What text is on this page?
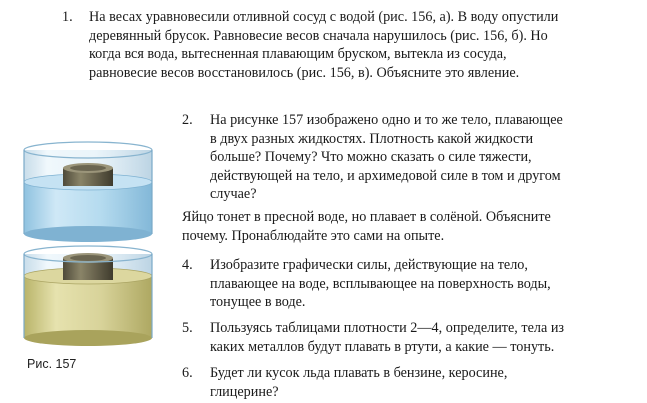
1.	На весах уравновесили отливной сосуд с водой (рис. 156, а). В воду опустили
деревянный брусок. Равновесие весов сначала нарушилось (рис. 156, б). Но
когда вся вода, вытесненная плавающим бруском, вытекла из сосуда,
равновесие весов восстановилось (рис. 156, в). Объясните это явление.
2.	На рисунке 157 изображено одно и то же тело, плавающее
в двух разных жидкостях. Плотность какой жидкости
больше? Почему? Что можно сказать о силе тяжести,
действующей на тело, и архимедовой силе в том и другом
случае?
Яйцо тонет в пресной воде, но плавает в солёной. Объясните
почему. Пронаблюдайте это сами на опыте.
4.	Изобразите графически силы, действующие на тело,
плавающее на воде, всплывающее на поверхность воды,
тонущее в воде.
5.	Пользуясь таблицами плотности 2—4, определите, тела из
каких металлов будут плавать в ртути, а какие — тонуть.
6.	Будет ли кусок льда плавать в бензине, керосине,
глицерине?
Рис. 157
